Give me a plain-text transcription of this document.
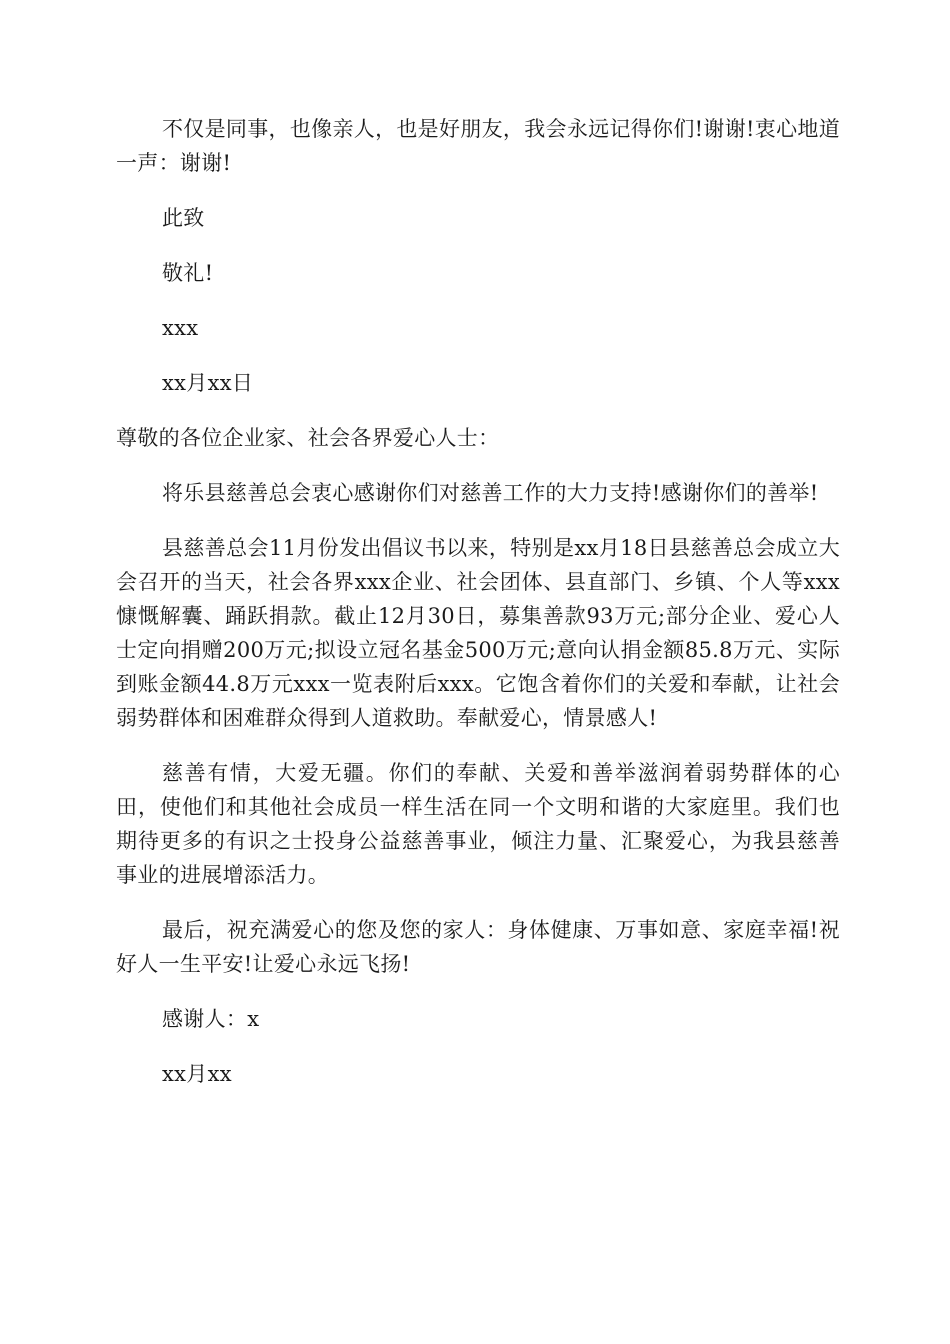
不仅是同事，也像亲人，也是好朋友，我会永远记得你们!谢谢!衷心地道一声：谢谢!

此致

敬礼!

xxx

xx月xx日

尊敬的各位企业家、社会各界爱心人士：

将乐县慈善总会衷心感谢你们对慈善工作的大力支持!感谢你们的善举!

县慈善总会11月份发出倡议书以来，特别是xx月18日县慈善总会成立大会召开的当天，社会各界xxx企业、社会团体、县直部门、乡镇、个人等xxx慷慨解囊、踊跃捐款。截止12月30日，募集善款93万元;部分企业、爱心人士定向捐赠200万元;拟设立冠名基金500万元;意向认捐金额85.8万元、实际到账金额44.8万元xxx一览表附后xxx。它饱含着你们的关爱和奉献，让社会弱势群体和困难群众得到人道救助。奉献爱心，情景感人!

慈善有情，大爱无疆。你们的奉献、关爱和善举滋润着弱势群体的心田，使他们和其他社会成员一样生活在同一个文明和谐的大家庭里。我们也期待更多的有识之士投身公益慈善事业，倾注力量、汇聚爱心，为我县慈善事业的进展增添活力。

最后，祝充满爱心的您及您的家人：身体健康、万事如意、家庭幸福!祝好人一生平安!让爱心永远飞扬!

感谢人：x

xx月xx
